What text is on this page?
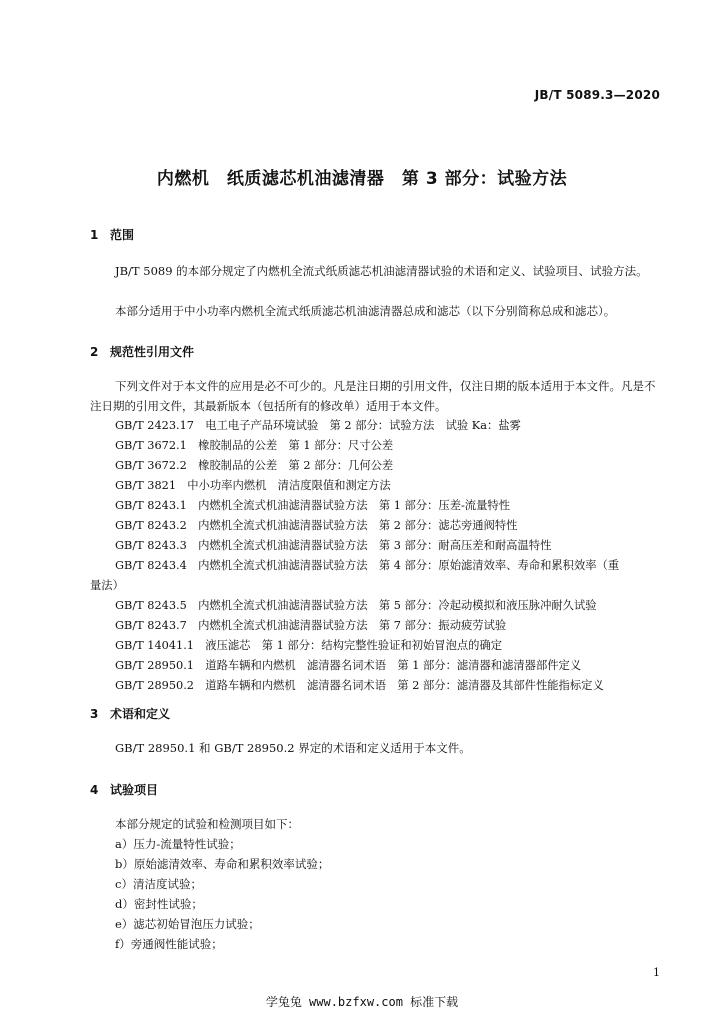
JB/T 5089.3—2020
内燃机　纸质滤芯机油滤清器　第 3 部分：试验方法
1 范围
JB/T 5089 的本部分规定了内燃机全流式纸质滤芯机油滤清器试验的术语和定义、试验项目、试验方法。
本部分适用于中小功率内燃机全流式纸质滤芯机油滤清器总成和滤芯（以下分别简称总成和滤芯）。
2 规范性引用文件
下列文件对于本文件的应用是必不可少的。凡是注日期的引用文件，仅注日期的版本适用于本文件。凡是不注日期的引用文件，其最新版本（包括所有的修改单）适用于本文件。
GB/T 2423.17　电工电子产品环境试验　第 2 部分：试验方法　试验 Ka：盐雾
GB/T 3672.1　橡胶制品的公差　第 1 部分：尺寸公差
GB/T 3672.2　橡胶制品的公差　第 2 部分：几何公差
GB/T 3821　中小功率内燃机　清洁度限值和测定方法
GB/T 8243.1　内燃机全流式机油滤清器试验方法　第 1 部分：压差-流量特性
GB/T 8243.2　内燃机全流式机油滤清器试验方法　第 2 部分：滤芯旁通阀特性
GB/T 8243.3　内燃机全流式机油滤清器试验方法　第 3 部分：耐高压差和耐高温特性
GB/T 8243.4　内燃机全流式机油滤清器试验方法　第 4 部分：原始滤清效率、寿命和累积效率（重
量法）
GB/T 8243.5　内燃机全流式机油滤清器试验方法　第 5 部分：冷起动模拟和液压脉冲耐久试验
GB/T 8243.7　内燃机全流式机油滤清器试验方法　第 7 部分：振动疲劳试验
GB/T 14041.1　液压滤芯　第 1 部分：结构完整性验证和初始冒泡点的确定
GB/T 28950.1　道路车辆和内燃机　滤清器名词术语　第 1 部分：滤清器和滤清器部件定义
GB/T 28950.2　道路车辆和内燃机　滤清器名词术语　第 2 部分：滤清器及其部件性能指标定义
3 术语和定义
GB/T 28950.1 和 GB/T 28950.2 界定的术语和定义适用于本文件。
4 试验项目
本部分规定的试验和检测项目如下：
a）压力-流量特性试验；
b）原始滤清效率、寿命和累积效率试验；
c）清洁度试验；
d）密封性试验；
e）滤芯初始冒泡压力试验；
f）旁通阀性能试验；
1
学兔兔 www.bzfxw.com 标准下载
